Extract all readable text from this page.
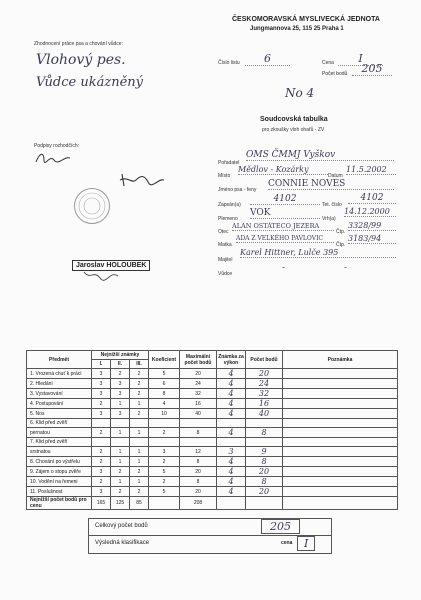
ČESKOMORAVSKÁ MYSLIVECKÁ JEDNOTA
Jungmannova 25, 115 25 Praha 1
Číslo listu	6	Cena	I
Počet bodů	205
No 4
Zhodnocení práce psa a chování vůdce:
Vlohový pes.
Vůdce ukázněný
Podpisy rozhodčích:
Jaroslav HOLOUBEK
Soudcovská tabulka
pro zkoušky vloh ohařů - ZV
Pořadatel
OMS ČMMJ Vyškov
Místo
Mědlov - Kozárky
Datum
11.5.2002
Jméno psa - feny
CONNIE NOVES
Zapsán(a)
4102
Tet. číslo
4102
Plemeno
VOK
Vrh(a)
14.12.2000
Otec
ALAN OSTÁTECO JEZERA
Čtp.
3328/99
Matka
ADA Z VELKÉHO PAVLOVIC
Čtp.
3183/94
Majitel
Karel Hittner, Lulče 395
Vůdce
-	-
Předmět	Nejnižší známky			Koeficient	Maximální počet bodů	Známka za výkon	Počet bodů	Poznámka
	I.	II.	III.					
1. Vrozená chuť k práci	3	2	2	5	20	4	20	
2. Hledání	3	3	2	6	24	4	24	
3. Vystavování	3	3	2	8	32	4	32	
4. Postupování	2	1	1	4	16	4	16	
5. Nos	3	3	2	10	40	4	40	
6. Klid před zvěří								
pernatou	2	1	1	2	8	4	8	
7. Klid před zvěří								
srstnatou	2	1	1	3	12	3	9	
8. Chování po výstřelu	2	1	1	2	8	4	8	
9. Zájem o stopu zvěře	3	2	2	5	20	4	20	
10. Vodění na řemeni	2	1	1	2	8	4	8	
11. Poslušnost	3	2	2	5	20	4	20	
Nejnižší počet bodů pro cenu	165	125	85		208			
Celkový počet bodů	205
Výsledná klasifikace	cena	I
